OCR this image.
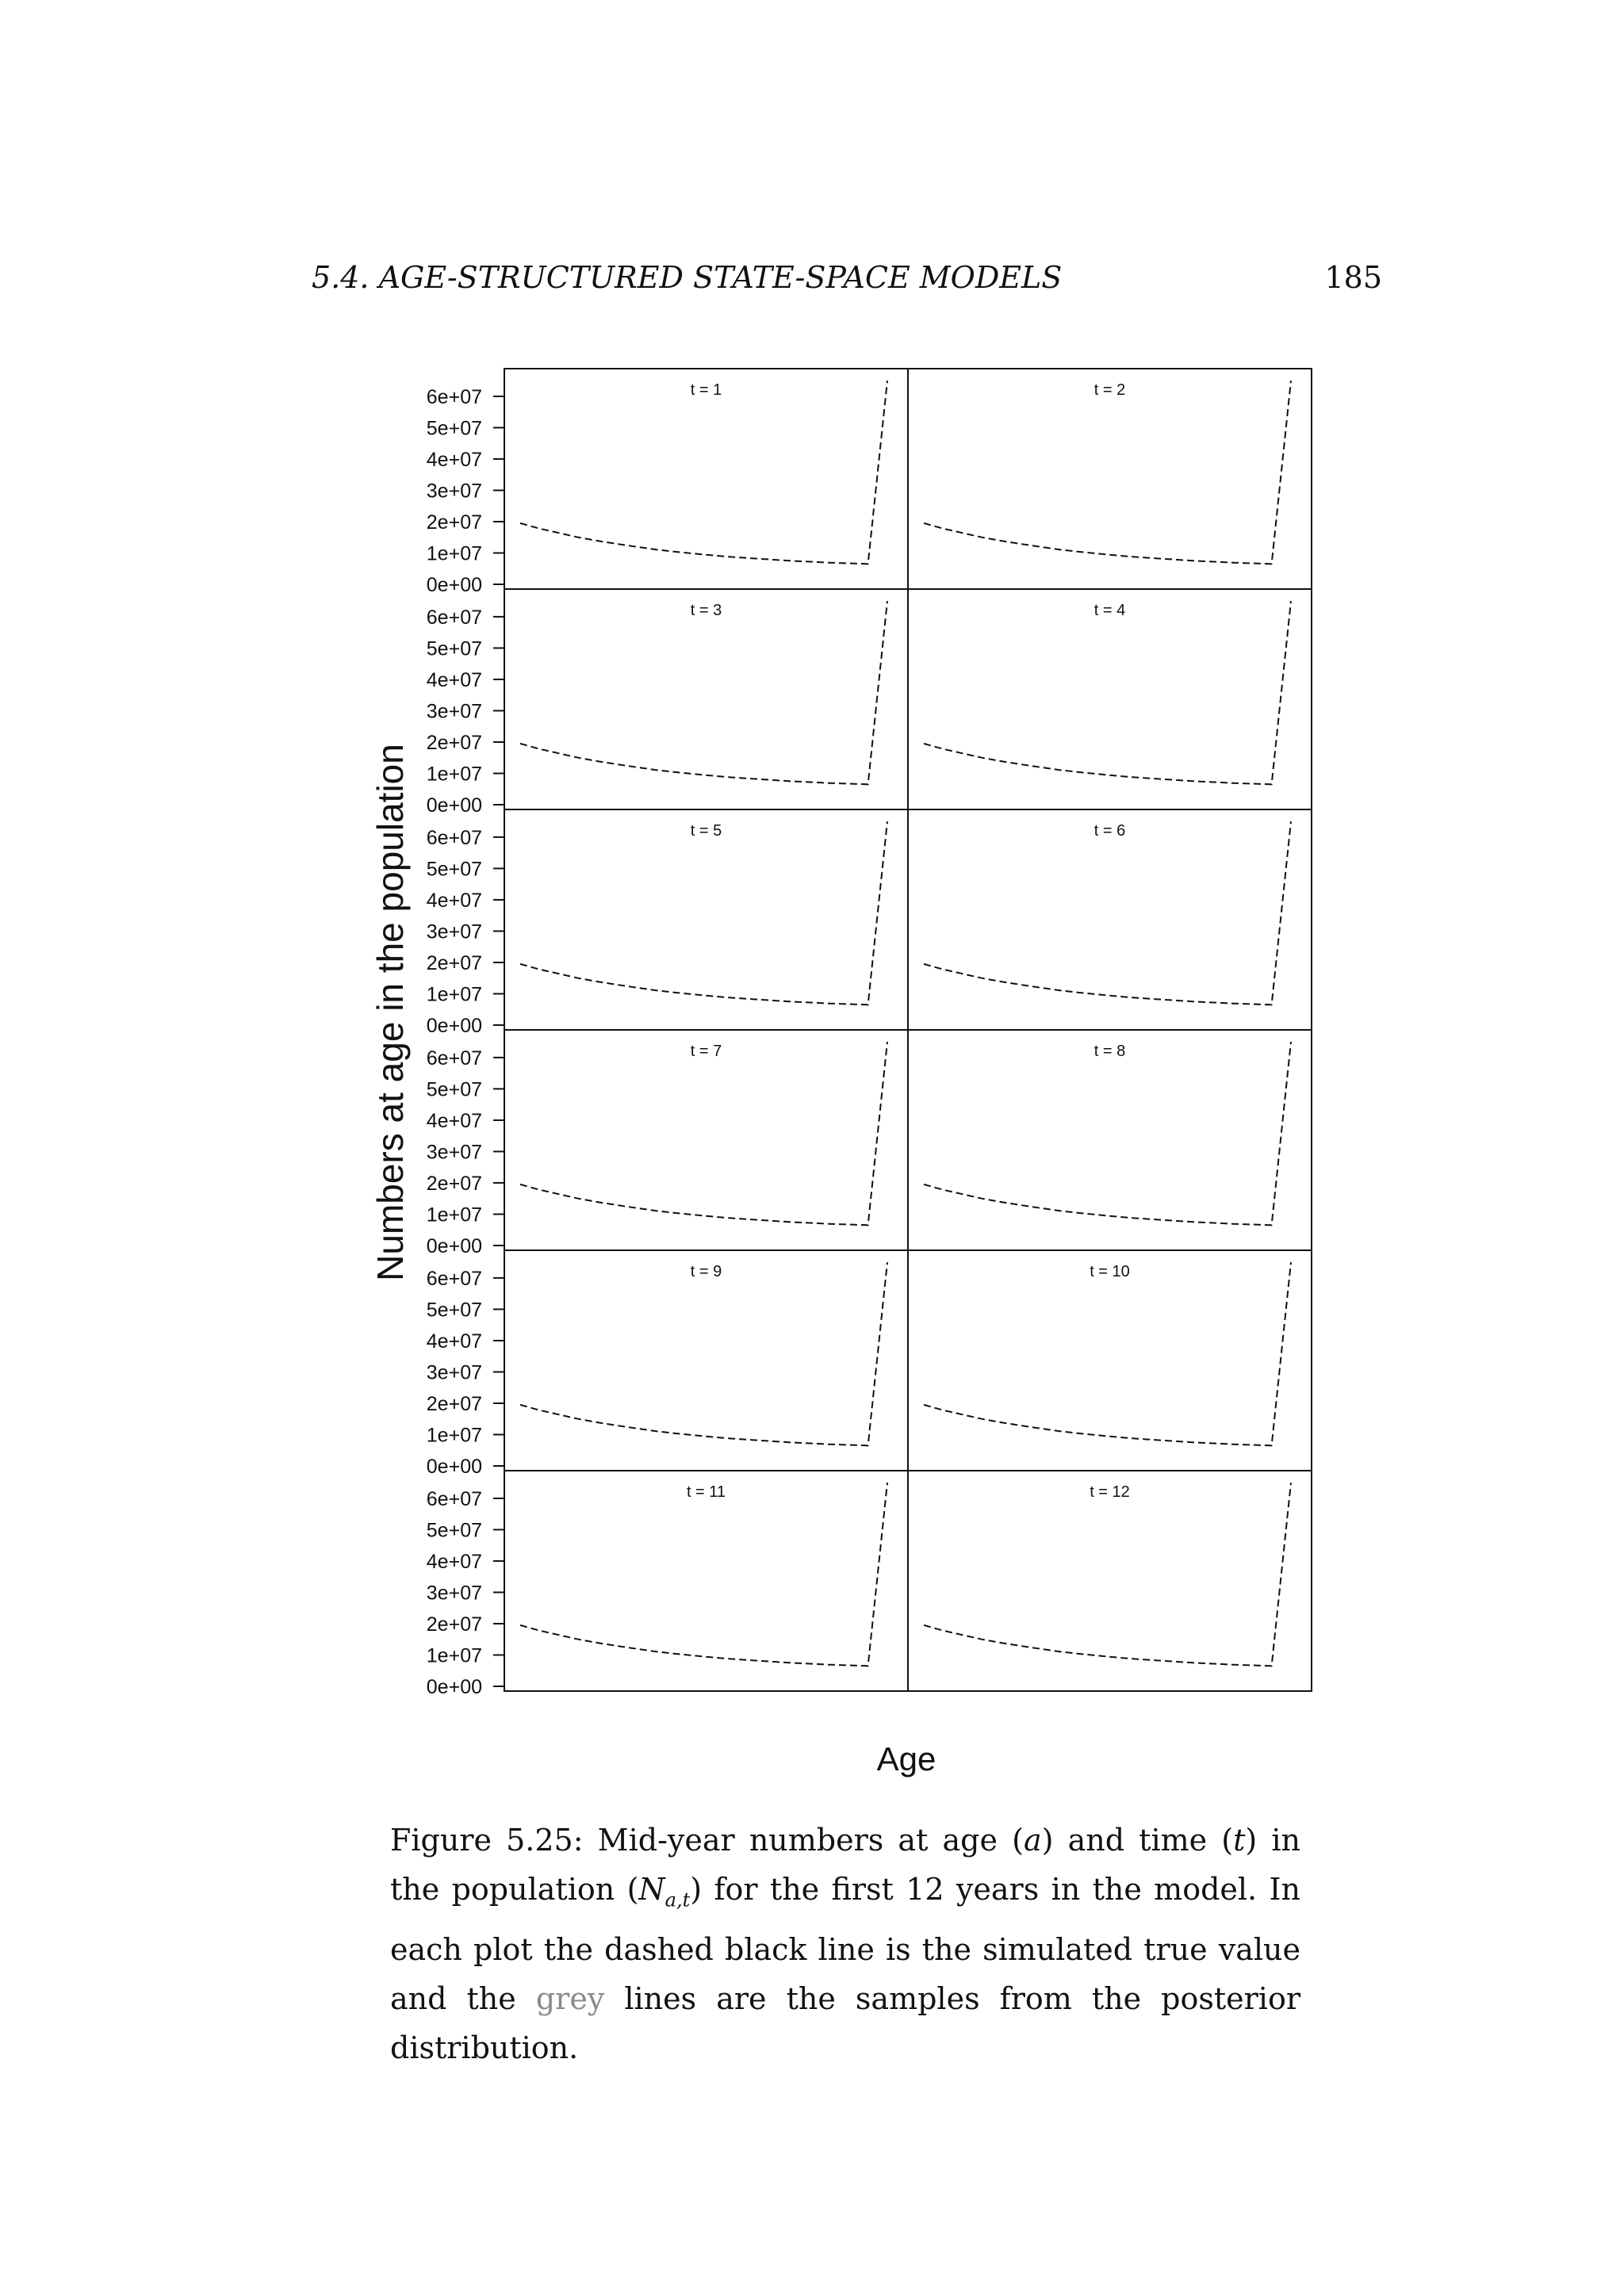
5.4. AGE-STRUCTURED STATE-SPACE MODELS	185
Numbers at age in the population
Age
t = 1
0e+00
1e+07
2e+07
3e+07
4e+07
5e+07
6e+07	t = 2
t = 3
0e+00
1e+07
2e+07
3e+07
4e+07
5e+07
6e+07	t = 4
t = 5
0e+00
1e+07
2e+07
3e+07
4e+07
5e+07
6e+07	t = 6
t = 7
0e+00
1e+07
2e+07
3e+07
4e+07
5e+07
6e+07	t = 8
t = 9
0e+00
1e+07
2e+07
3e+07
4e+07
5e+07
6e+07	t = 10
t = 11
0e+00
1e+07
2e+07
3e+07
4e+07
5e+07
6e+07	t = 12
Figure 5.25: Mid-year numbers at age (a) and time (t) in the population $(N_{a,t})$ for the first 12 years in the model. In each plot the dashed black line is the simulated true value and the grey lines are the samples from the posterior distribution.
